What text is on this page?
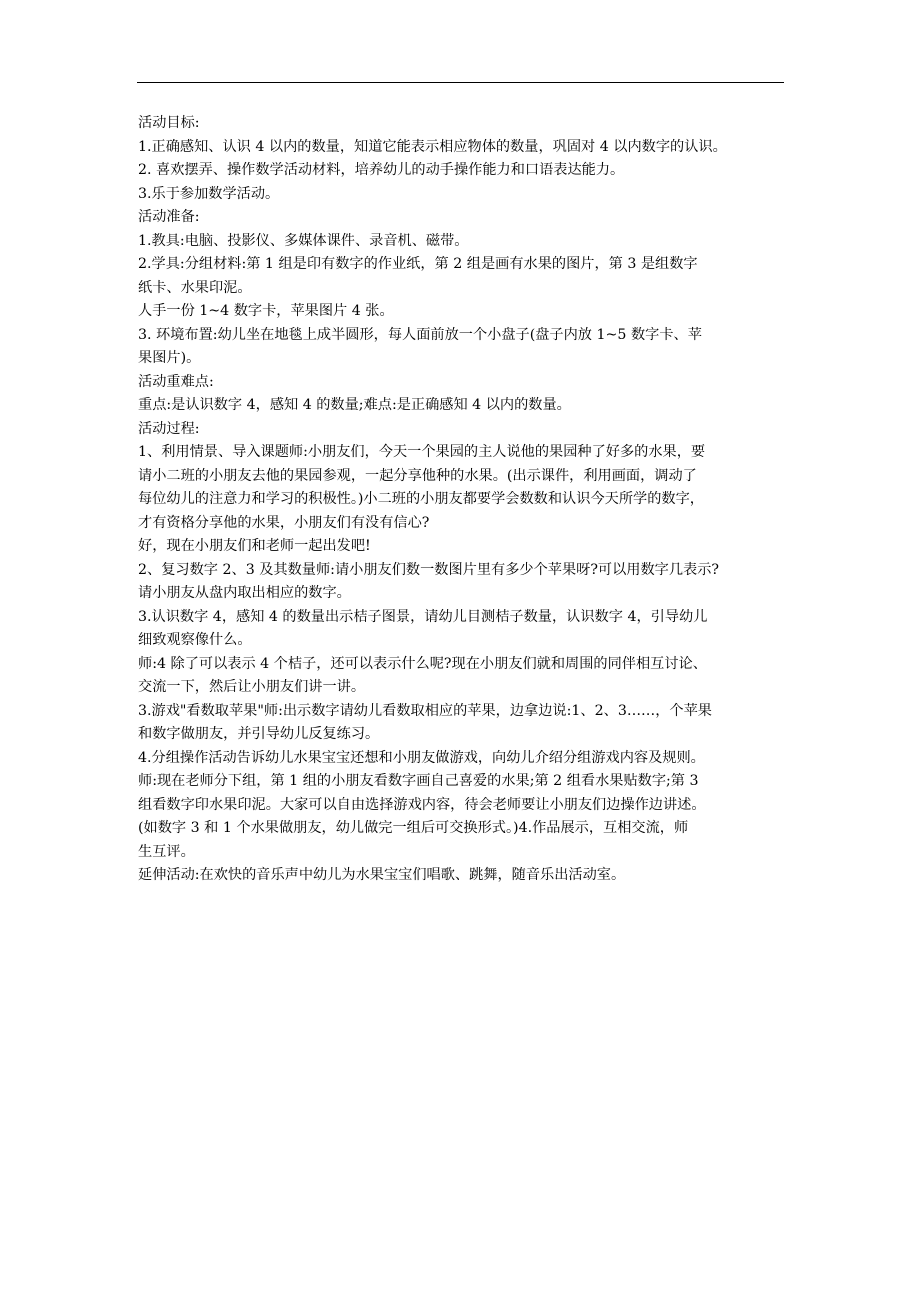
活动目标:
1.正确感知、认识 4 以内的数量，知道它能表示相应物体的数量，巩固对 4 以内数字的认识。
2. 喜欢摆弄、操作数学活动材料，培养幼儿的动手操作能力和口语表达能力。
3.乐于参加数学活动。
活动准备:
1.教具:电脑、投影仪、多媒体课件、录音机、磁带。
2.学具:分组材料:第 1 组是印有数字的作业纸，第 2 组是画有水果的图片，第 3 是组数字
纸卡、水果印泥。
人手一份 1~4 数字卡，苹果图片 4 张。
3. 环境布置:幼儿坐在地毯上成半圆形，每人面前放一个小盘子(盘子内放 1~5 数字卡、苹
果图片)。
活动重难点:
重点:是认识数字 4，感知 4 的数量;难点:是正确感知 4 以内的数量。
活动过程:
1、利用情景、导入课题师:小朋友们，今天一个果园的主人说他的果园种了好多的水果，要
请小二班的小朋友去他的果园参观，一起分享他种的水果。(出示课件，利用画面，调动了
每位幼儿的注意力和学习的积极性。)小二班的小朋友都要学会数数和认识今天所学的数字，
才有资格分享他的水果，小朋友们有没有信心?
好，现在小朋友们和老师一起出发吧!
2、复习数字 2、3 及其数量师:请小朋友们数一数图片里有多少个苹果呀?可以用数字几表示?
请小朋友从盘内取出相应的数字。
3.认识数字 4，感知 4 的数量出示桔子图景，请幼儿目测桔子数量，认识数字 4，引导幼儿
细致观察像什么。
师:4 除了可以表示 4 个桔子，还可以表示什么呢?现在小朋友们就和周围的同伴相互讨论、
交流一下，然后让小朋友们讲一讲。
3.游戏"看数取苹果"师:出示数字请幼儿看数取相应的苹果，边拿边说:1、2、3……，个苹果
和数字做朋友，并引导幼儿反复练习。
4.分组操作活动告诉幼儿水果宝宝还想和小朋友做游戏，向幼儿介绍分组游戏内容及规则。
师:现在老师分下组，第 1 组的小朋友看数字画自己喜爱的水果;第 2 组看水果贴数字;第 3
组看数字印水果印泥。大家可以自由选择游戏内容，待会老师要让小朋友们边操作边讲述。
(如数字 3 和 1 个水果做朋友，幼儿做完一组后可交换形式。)4.作品展示，互相交流，师
生互评。
延伸活动:在欢快的音乐声中幼儿为水果宝宝们唱歌、跳舞，随音乐出活动室。
